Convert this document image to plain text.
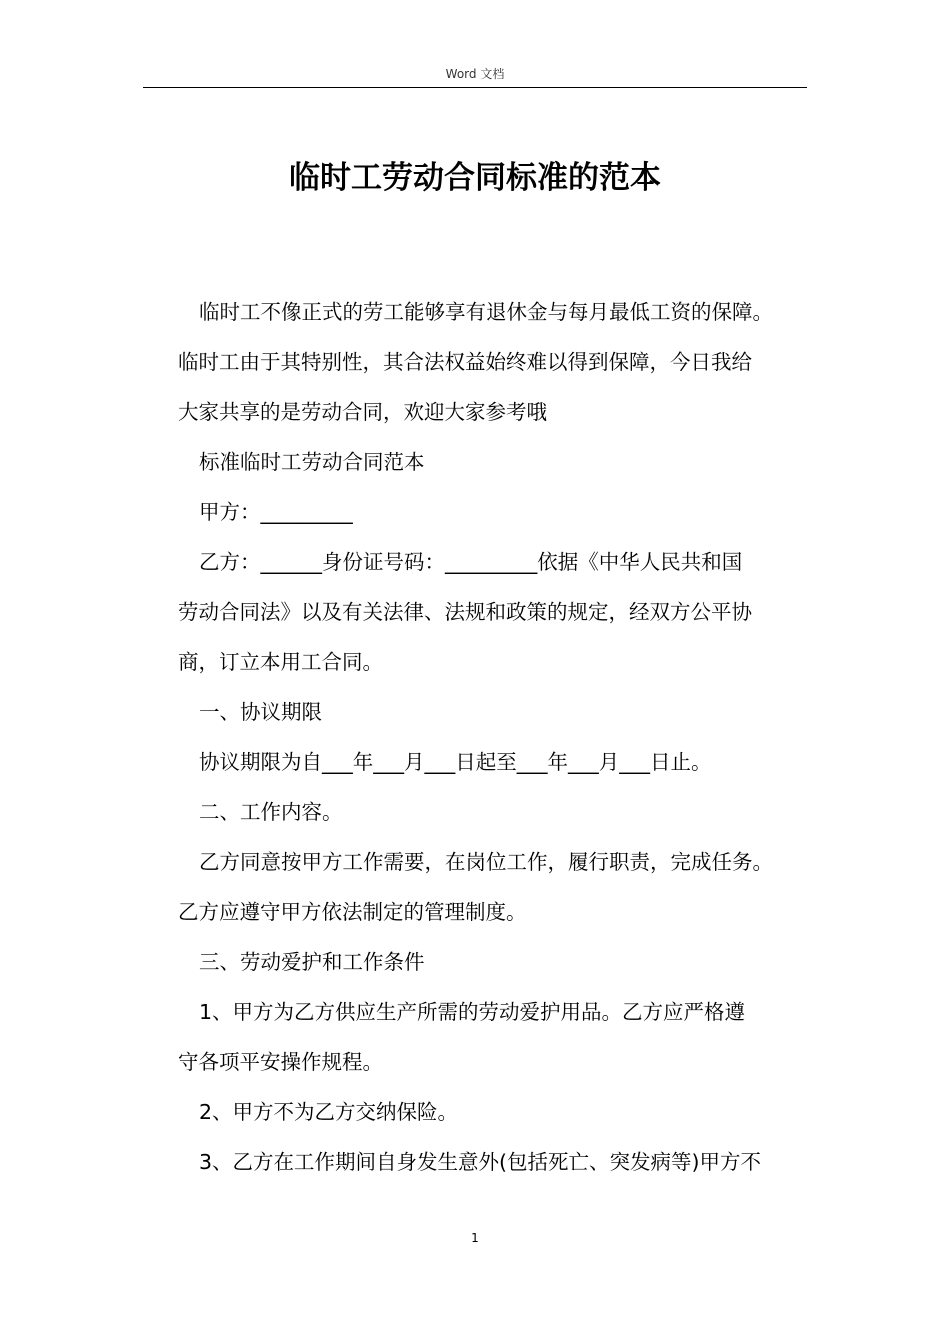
Word 文档
临时工劳动合同标准的范本

临时工不像正式的劳工能够享有退休金与每月最低工资的保障。

临时工由于其特别性，其合法权益始终难以得到保障，今日我给

大家共享的是劳动合同，欢迎大家参考哦

标准临时工劳动合同范本

甲方：_________

乙方：______身份证号码：_________依据《中华人民共和国

劳动合同法》以及有关法律、法规和政策的规定，经双方公平协

商，订立本用工合同。

一、协议期限

协议期限为自___年___月___日起至___年___月___日止。

二、工作内容。

乙方同意按甲方工作需要，在岗位工作，履行职责，完成任务。

乙方应遵守甲方依法制定的管理制度。

三、劳动爱护和工作条件

1、甲方为乙方供应生产所需的劳动爱护用品。乙方应严格遵

守各项平安操作规程。

2、甲方不为乙方交纳保险。

3、乙方在工作期间自身发生意外(包括死亡、突发病等)甲方不

1
